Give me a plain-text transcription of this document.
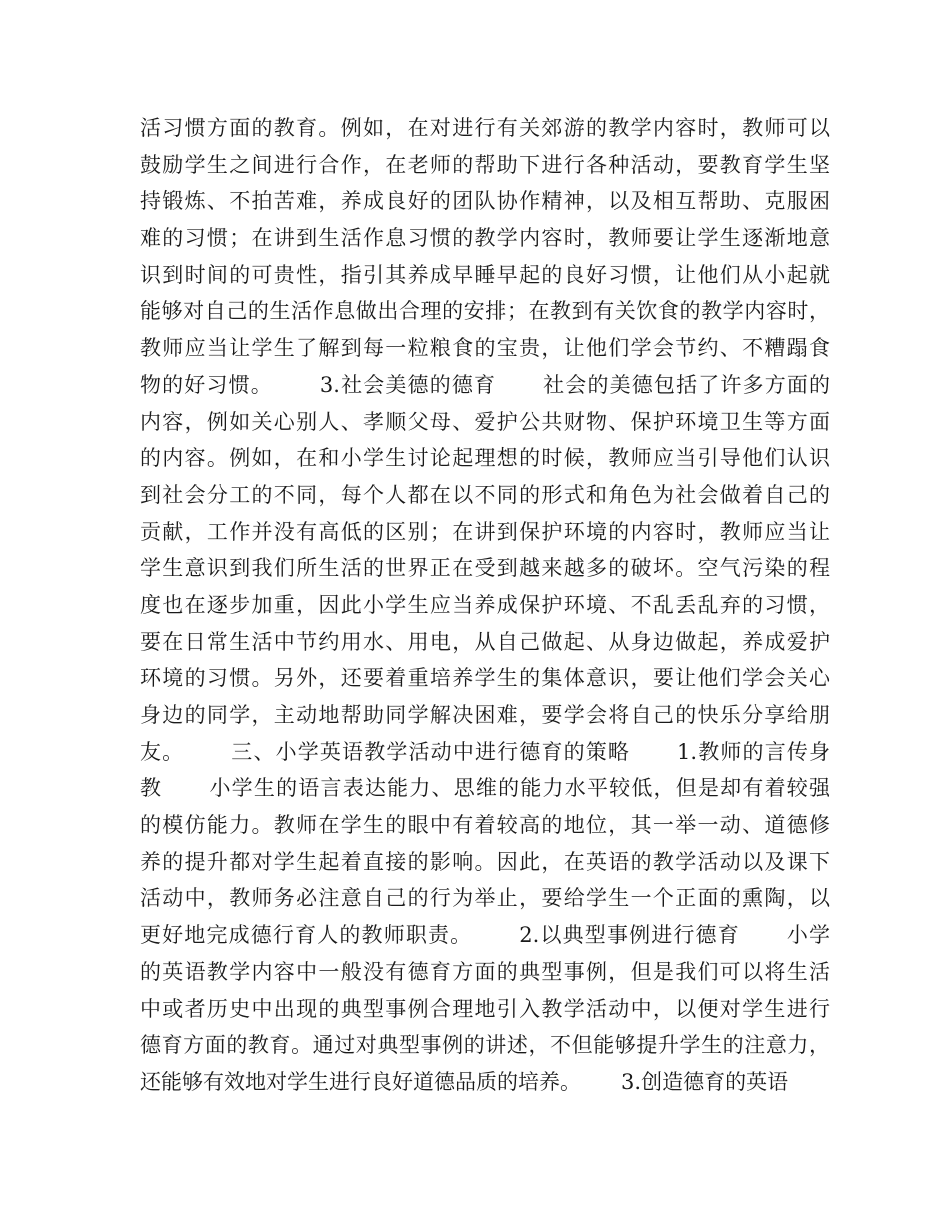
活习惯方面的教育。例如，在对进行有关郊游的教学内容时，教师可以
鼓励学生之间进行合作，在老师的帮助下进行各种活动，要教育学生坚
持锻炼、不拍苦难，养成良好的团队协作精神，以及相互帮助、克服困
难的习惯；在讲到生活作息习惯的教学内容时，教师要让学生逐渐地意
识到时间的可贵性，指引其养成早睡早起的良好习惯，让他们从小起就
能够对自己的生活作息做出合理的安排；在教到有关饮食的教学内容时，
教师应当让学生了解到每一粒粮食的宝贵，让他们学会节约、不糟蹋食
物的好习惯。      3.社会美德的德育      社会的美德包括了许多方面的
内容，例如关心别人、孝顺父母、爱护公共财物、保护环境卫生等方面
的内容。例如，在和小学生讨论起理想的时候，教师应当引导他们认识
到社会分工的不同，每个人都在以不同的形式和角色为社会做着自己的
贡献，工作并没有高低的区别；在讲到保护环境的内容时，教师应当让
学生意识到我们所生活的世界正在受到越来越多的破坏。空气污染的程
度也在逐步加重，因此小学生应当养成保护环境、不乱丢乱弃的习惯，
要在日常生活中节约用水、用电，从自己做起、从身边做起，养成爱护
环境的习惯。另外，还要着重培养学生的集体意识，要让他们学会关心
身边的同学，主动地帮助同学解决困难，要学会将自己的快乐分享给朋
友。      三、小学英语教学活动中进行德育的策略      1.教师的言传身
教      小学生的语言表达能力、思维的能力水平较低，但是却有着较强
的模仿能力。教师在学生的眼中有着较高的地位，其一举一动、道德修
养的提升都对学生起着直接的影响。因此，在英语的教学活动以及课下
活动中，教师务必注意自己的行为举止，要给学生一个正面的熏陶，以
更好地完成德行育人的教师职责。      2.以典型事例进行德育      小学
的英语教学内容中一般没有德育方面的典型事例，但是我们可以将生活
中或者历史中出现的典型事例合理地引入教学活动中，以便对学生进行
德育方面的教育。通过对典型事例的讲述，不但能够提升学生的注意力，
还能够有效地对学生进行良好道德品质的培养。      3.创造德育的英语
